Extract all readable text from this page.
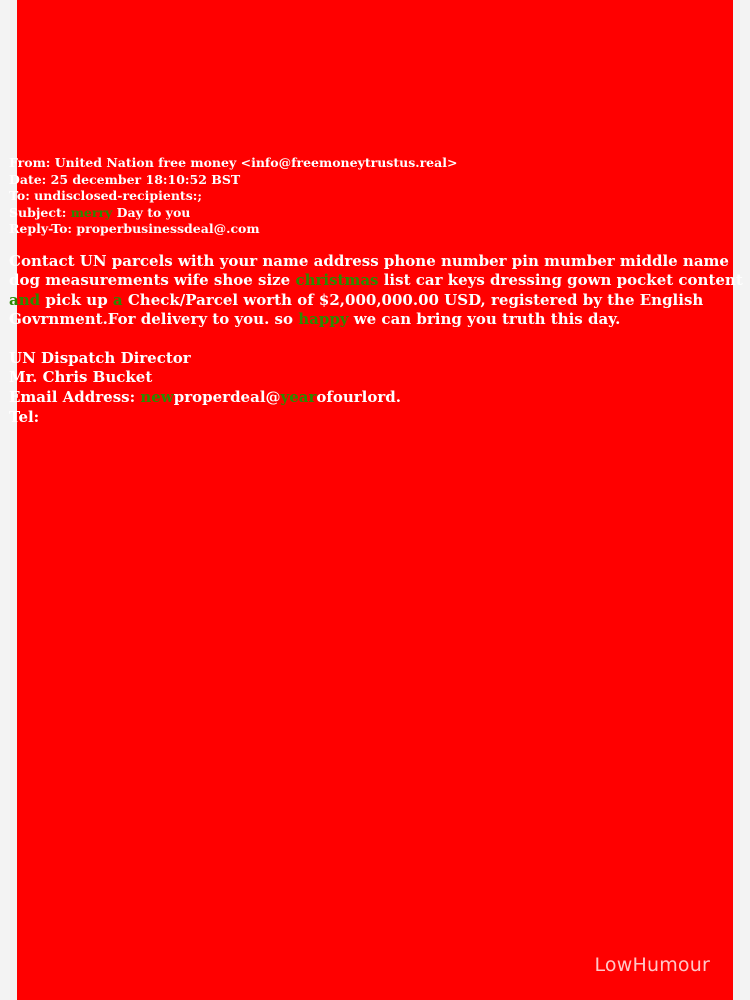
From: United Nation free money <info@freemoneytrustus.real>
Date: 25 december 18:10:52 BST
To: undisclosed-recipients:;
Subject: merry Day to you
Reply-To: properbusinessdeal@.com
Contact UN parcels with your name address phone number pin mumber middle name
dog measurements wife shoe size christmas list car keys dressing gown pocket content
and pick up a Check/Parcel worth of $2,000,000.00 USD, registered by the English
Govrnment.For delivery to you. so happy we can bring you truth this day.
UN Dispatch Director
Mr. Chris Bucket
Email Address: newproperdeal@yearofourlord.
Tel:
LowHumour
